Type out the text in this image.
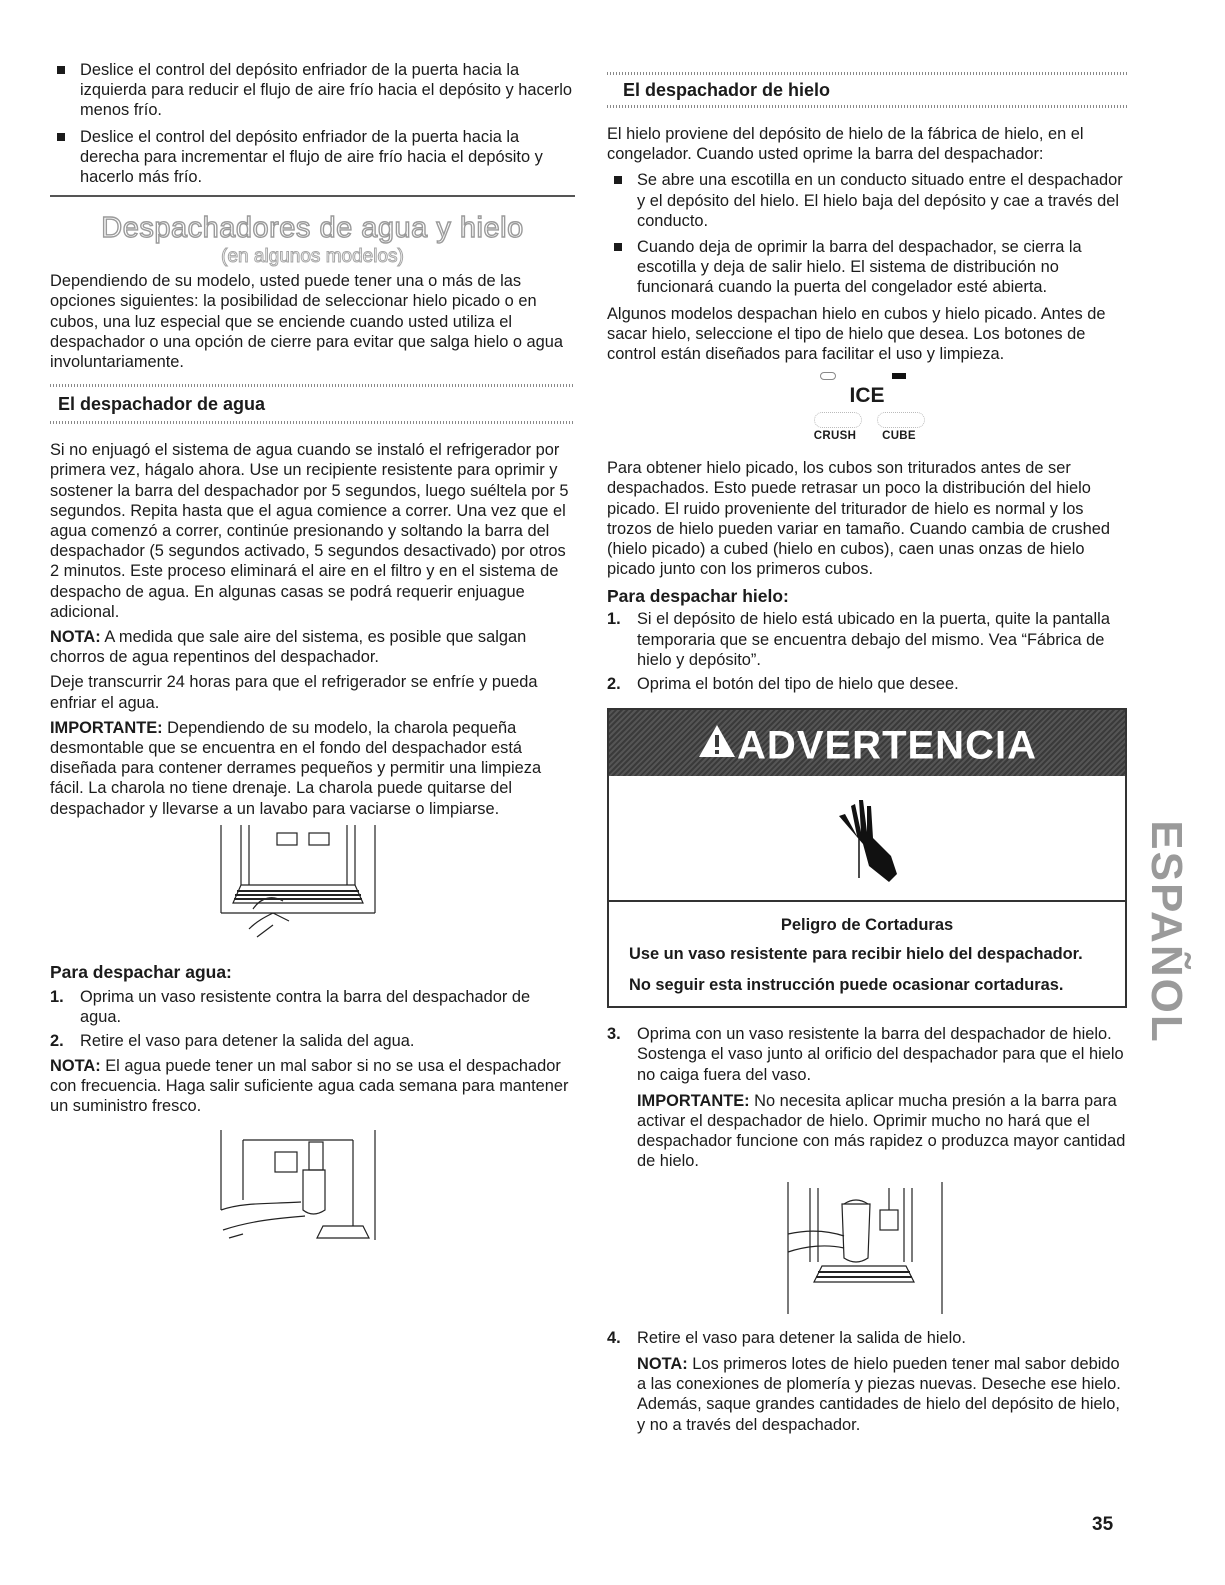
Deslice el control del depósito enfriador de la puerta hacia la izquierda para reducir el flujo de aire frío hacia el depósito y hacerlo menos frío.
Deslice el control del depósito enfriador de la puerta hacia la derecha para incrementar el flujo de aire frío hacia el depósito y hacerlo más frío.
Despachadores de agua y hielo
(en algunos modelos)

Dependiendo de su modelo, usted puede tener una o más de las opciones siguientes: la posibilidad de seleccionar hielo picado o en cubos, una luz especial que se enciende cuando usted utiliza el despachador o una opción de cierre para evitar que salga hielo o agua involuntariamente.

El despachador de agua

Si no enjuagó el sistema de agua cuando se instaló el refrigerador por primera vez, hágalo ahora. Use un recipiente resistente para oprimir y sostener la barra del despachador por 5 segundos, luego suéltela por 5 segundos. Repita hasta que el agua comience a correr. Una vez que el agua comenzó a correr, continúe presionando y soltando la barra del despachador (5 segundos activado, 5 segundos desactivado) por otros 2 minutos. Este proceso eliminará el aire en el filtro y en el sistema de despacho de agua. En algunas casas se podrá requerir enjuague adicional.

NOTA: A medida que sale aire del sistema, es posible que salgan chorros de agua repentinos del despachador.

Deje transcurrir 24 horas para que el refrigerador se enfríe y pueda enfriar el agua.

IMPORTANTE: Dependiendo de su modelo, la charola pequeña desmontable que se encuentra en el fondo del despachador está diseñada para contener derrames pequeños y permitir una limpieza fácil. La charola no tiene drenaje. La charola puede quitarse del despachador y llevarse a un lavabo para vaciarse o limpiarse.

Para despachar agua:
1. Oprima un vaso resistente contra la barra del despachador de agua.
2. Retire el vaso para detener la salida del agua.

NOTA: El agua puede tener un mal sabor si no se usa el despachador con frecuencia. Haga salir suficiente agua cada semana para mantener un suministro fresco.

El despachador de hielo

El hielo proviene del depósito de hielo de la fábrica de hielo, en el congelador. Cuando usted oprime la barra del despachador:

Se abre una escotilla en un conducto situado entre el despachador y el depósito del hielo. El hielo baja del depósito y cae a través del conducto.
Cuando deja de oprimir la barra del despachador, se cierra la escotilla y deja de salir hielo. El sistema de distribución no funcionará cuando la puerta del congelador esté abierta.

Algunos modelos despachan hielo en cubos y hielo picado. Antes de sacar hielo, seleccione el tipo de hielo que desea. Los botones de control están diseñados para facilitar el uso y limpieza.

ICE
CRUSH	CUBE

Para obtener hielo picado, los cubos son triturados antes de ser despachados. Esto puede retrasar un poco la distribución del hielo picado. El ruido proveniente del triturador de hielo es normal y los trozos de hielo pueden variar en tamaño. Cuando cambia de crushed (hielo picado) a cubed (hielo en cubos), caen unas onzas de hielo picado junto con los primeros cubos.

Para despachar hielo:
1. Si el depósito de hielo está ubicado en la puerta, quite la pantalla temporaria que se encuentra debajo del mismo. Vea “Fábrica de hielo y depósito”.
2. Oprima el botón del tipo de hielo que desee.
ADVERTENCIA
Peligro de Cortaduras
Use un vaso resistente para recibir hielo del despachador.
No seguir esta instrucción puede ocasionar cortaduras.
3. Oprima con un vaso resistente la barra del despachador de hielo. Sostenga el vaso junto al orificio del despachador para que el hielo no caiga fuera del vaso.

IMPORTANTE: No necesita aplicar mucha presión a la barra para activar el despachador de hielo. Oprimir mucho no hará que el despachador funcione con más rapidez o produzca mayor cantidad de hielo.

4. Retire el vaso para detener la salida de hielo.

NOTA: Los primeros lotes de hielo pueden tener mal sabor debido a las conexiones de plomería y piezas nuevas. Deseche ese hielo. Además, saque grandes cantidades de hielo del depósito de hielo, y no a través del despachador.

ESPAÑOL
35
